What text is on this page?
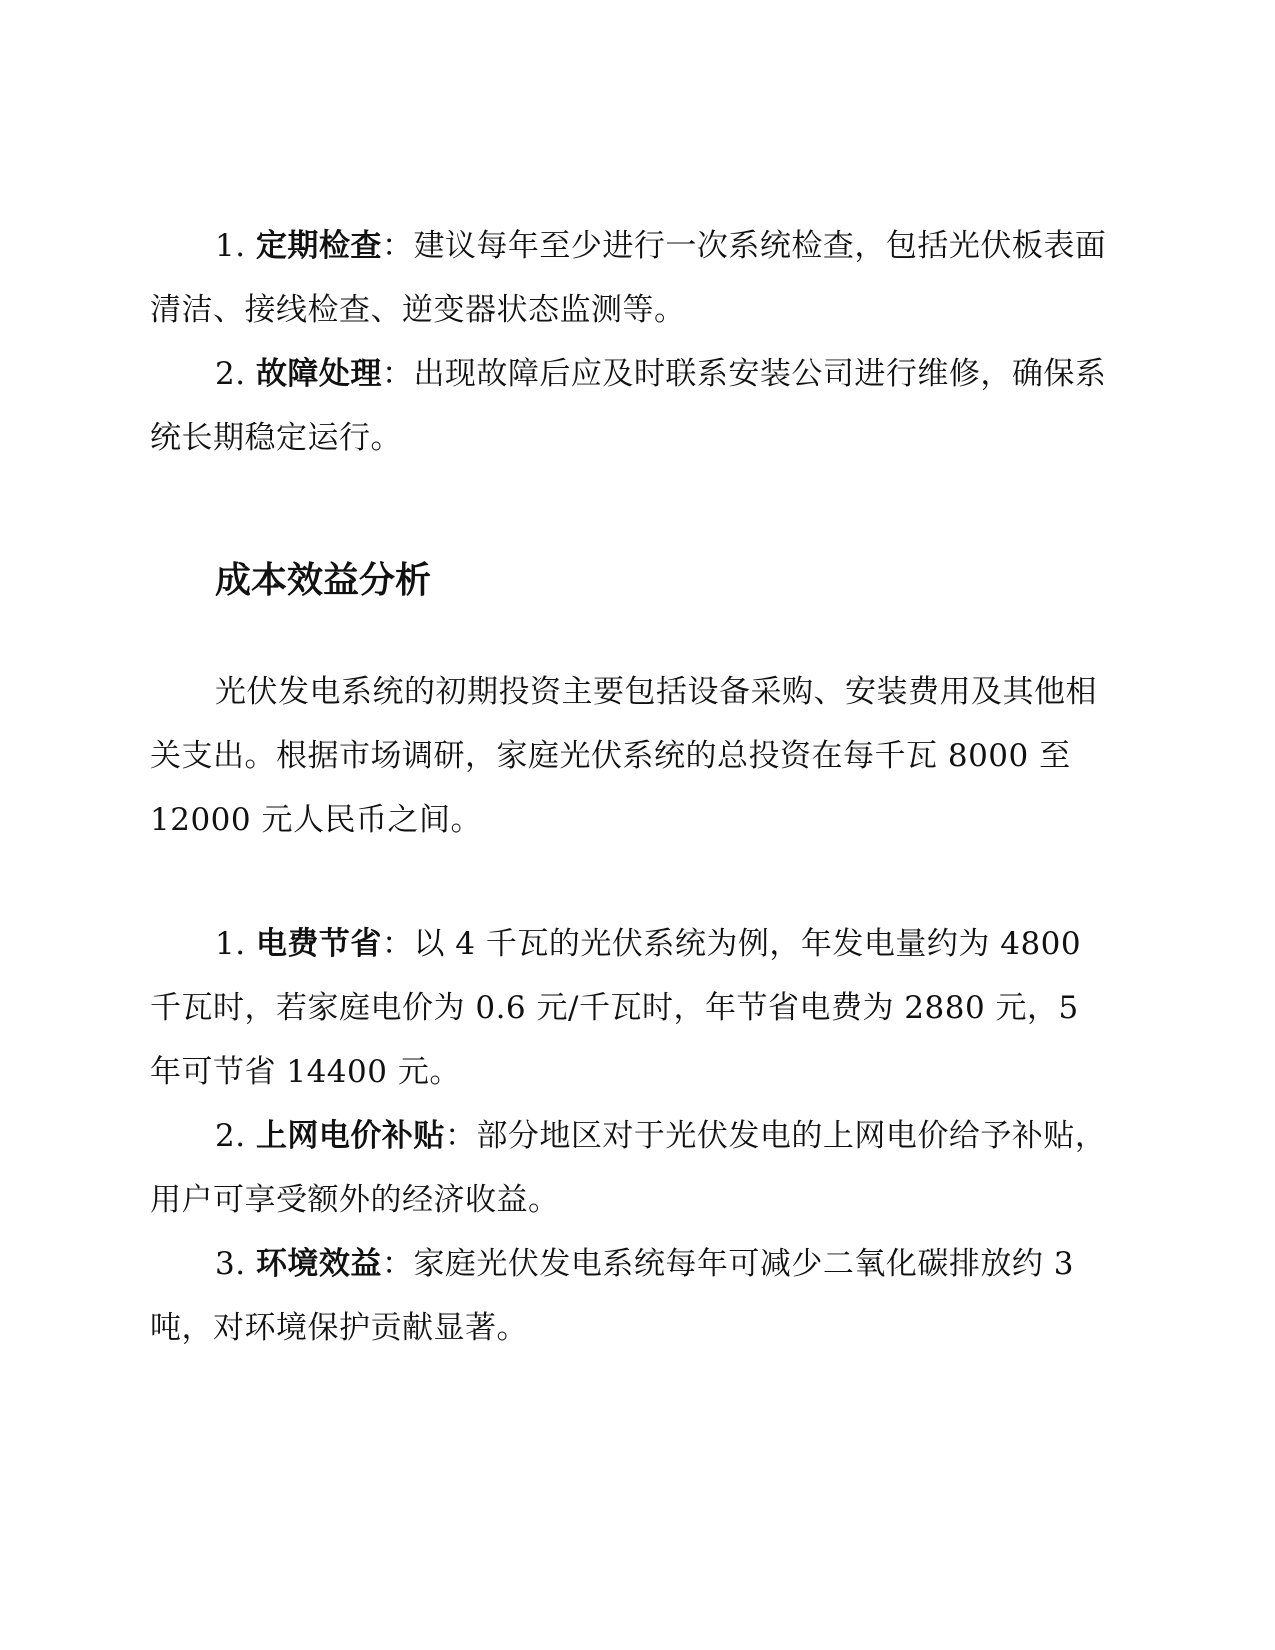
1. 定期检查：建议每年至少进行一次系统检查，包括光伏板表面清洁、接线检查、逆变器状态监测等。

2. 故障处理：出现故障后应及时联系安装公司进行维修，确保系统长期稳定运行。

成本效益分析

光伏发电系统的初期投资主要包括设备采购、安装费用及其他相关支出。根据市场调研，家庭光伏系统的总投资在每千瓦 8000 至 12000 元人民币之间。

1. 电费节省：以 4 千瓦的光伏系统为例，年发电量约为 4800 千瓦时，若家庭电价为 0.6 元/千瓦时，年节省电费为 2880 元，5 年可节省 14400 元。

2. 上网电价补贴：部分地区对于光伏发电的上网电价给予补贴，用户可享受额外的经济收益。

3. 环境效益：家庭光伏发电系统每年可减少二氧化碳排放约 3 吨，对环境保护贡献显著。
